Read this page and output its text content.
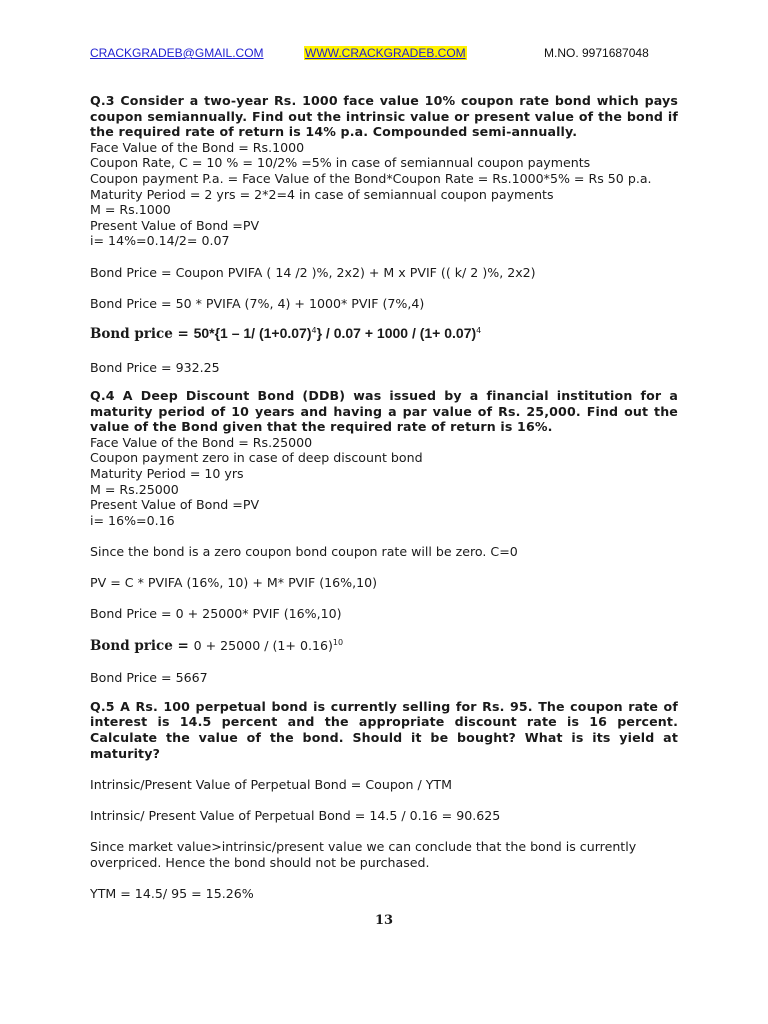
CRACKGRADEB@GMAIL.COM	WWW.CRACKGRADEB.COM	M.NO. 9971687048

Q.3 Consider a two-year Rs. 1000 face value 10% coupon rate bond which pays coupon semiannually. Find out the intrinsic value or present value of the bond if the required rate of return is 14% p.a. Compounded semi-annually.

Face Value of the Bond = Rs.1000

Coupon Rate, C = 10 % = 10/2% =5% in case of semiannual coupon payments

Coupon payment P.a. = Face Value of the Bond*Coupon Rate = Rs.1000*5% = Rs 50 p.a.

Maturity Period = 2 yrs = 2*2=4 in case of semiannual coupon payments

M = Rs.1000

Present Value of Bond =PV

i= 14%=0.14/2= 0.07

Bond Price = Coupon PVIFA ( 14 /2 )%, 2x2) + M x PVIF (( k/ 2 )%, 2x2)

Bond Price = 50 * PVIFA (7%, 4) + 1000* PVIF (7%,4)

Bond price = 50*{1 – 1/ $(1+0.07)^4\} / 0.07 + 1000 / (1+ 0.07)^4$

Bond Price = 932.25

Q.4 A Deep Discount Bond (DDB) was issued by a financial institution for a maturity period of 10 years and having a par value of Rs. 25,000. Find out the value of the Bond given that the required rate of return is 16%.

Face Value of the Bond = Rs.25000

Coupon payment zero in case of deep discount bond

Maturity Period = 10 yrs

M = Rs.25000

Present Value of Bond =PV

i= 16%=0.16

Since the bond is a zero coupon bond coupon rate will be zero. C=0

PV = C * PVIFA (16%, 10) + M* PVIF (16%,10)

Bond Price = 0 + 25000* PVIF (16%,10)

Bond price = $0 + 25000 / (1+ 0.16)^{10}$

Bond Price = 5667

Q.5 A Rs. 100 perpetual bond is currently selling for Rs. 95. The coupon rate of interest is 14.5 percent and the appropriate discount rate is 16 percent. Calculate the value of the bond. Should it be bought? What is its yield at maturity?

Intrinsic/Present Value of Perpetual Bond = Coupon / YTM

Intrinsic/ Present Value of Perpetual Bond = 14.5 / 0.16 = 90.625

Since market value>intrinsic/present value we can conclude that the bond is currently

overpriced. Hence the bond should not be purchased.

YTM = 14.5/ 95 = 15.26%

13
